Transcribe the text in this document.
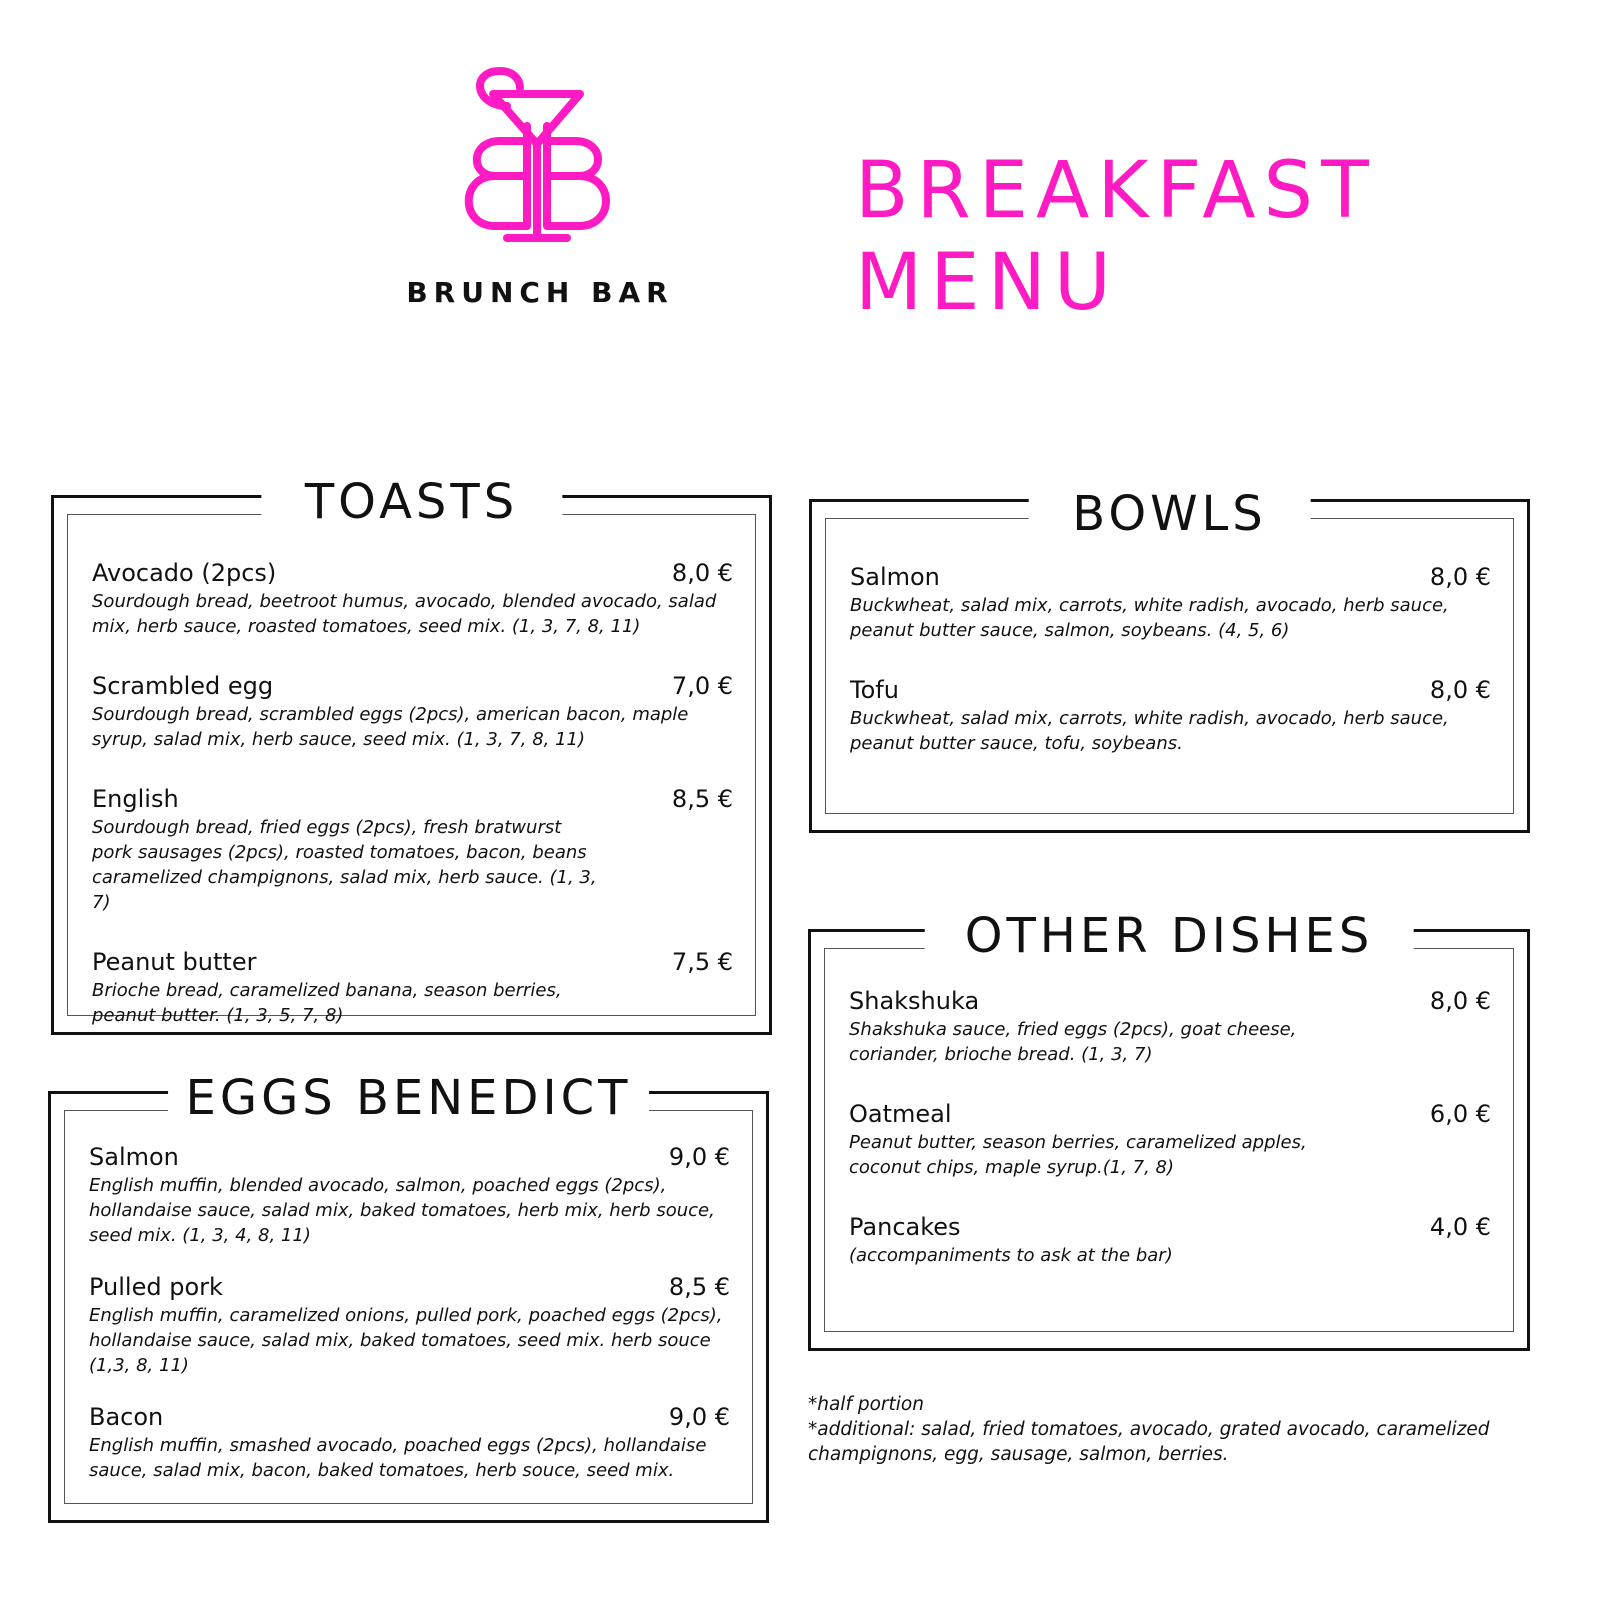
BRUNCH BAR
BREAKFAST
MENU
TOASTS
Avocado (2pcs)	8,0 €
Sourdough bread, beetroot humus, avocado, blended avocado, salad mix, herb sauce, roasted tomatoes, seed mix. (1, 3, 7, 8, 11)
Scrambled egg	7,0 €
Sourdough bread, scrambled eggs (2pcs), american bacon, maple syrup, salad mix, herb sauce, seed mix. (1, 3, 7, 8, 11)
English	8,5 €
Sourdough bread, fried eggs (2pcs), fresh bratwurst pork sausages (2pcs), roasted tomatoes, bacon, beans caramelized champignons, salad mix, herb sauce. (1, 3, 7)
Peanut butter	7,5 €
Brioche bread, caramelized banana, season berries, peanut butter. (1, 3, 5, 7, 8)
EGGS BENEDICT
Salmon	9,0 €
English muffin, blended avocado, salmon, poached eggs (2pcs), hollandaise sauce, salad mix, baked tomatoes, herb mix, herb souce, seed mix. (1, 3, 4, 8, 11)
Pulled pork	8,5 €
English muffin, caramelized onions, pulled pork, poached eggs (2pcs), hollandaise sauce, salad mix, baked tomatoes, seed mix. herb souce (1,3, 8, 11)
Bacon	9,0 €
English muffin, smashed avocado, poached eggs (2pcs), hollandaise sauce, salad mix, bacon, baked tomatoes, herb souce, seed mix.
BOWLS
Salmon	8,0 €
Buckwheat, salad mix, carrots, white radish, avocado, herb sauce, peanut butter sauce, salmon, soybeans. (4, 5, 6)
Tofu	8,0 €
Buckwheat, salad mix, carrots, white radish, avocado, herb sauce, peanut butter sauce, tofu, soybeans.
OTHER DISHES
Shakshuka	8,0 €
Shakshuka sauce, fried eggs (2pcs), goat cheese, coriander, brioche bread. (1, 3, 7)
Oatmeal	6,0 €
Peanut butter, season berries, caramelized apples, coconut chips, maple syrup.(1, 7, 8)
Pancakes	4,0 €
(accompaniments to ask at the bar)
*half portion
*additional: salad, fried tomatoes, avocado, grated avocado, caramelized champignons, egg, sausage, salmon, berries.
